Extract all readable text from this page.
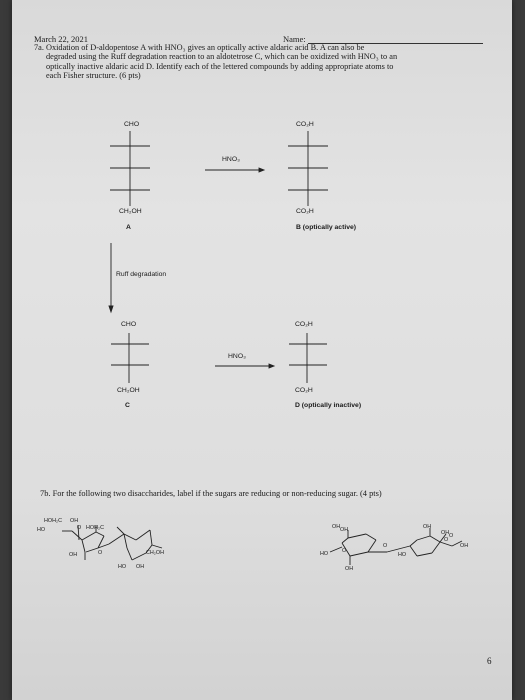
March 22, 2021	Name:
7a. Oxidation of D-aldopentose A with HNO₃ gives an optically active aldaric acid B. A can also be
degraded using the Ruff degradation reaction to an aldotetrose C, which can be oxidized with HNO₃ to an
optically inactive aldaric acid D. Identify each of the lettered compounds by adding appropriate atoms to
each Fisher structure. (6 pts)
CHO	CO₂H
HNO₃
CH₂OH	CO₂H
A	B (optically active)
Ruff degradation
CHO	CO₂H
HNO₃
CH₂OH	CO₂H
C	D (optically inactive)
7b. For the following two disaccharides, label if the sugars are reducing or non-reducing sugar. (4 pts)
HOH₂C OH
HO	O HOH₂C
OH	O	CH₂OH
HO OH
OH OH
O
HO
OH
OH
O
O
HO
OH O
OH
6
